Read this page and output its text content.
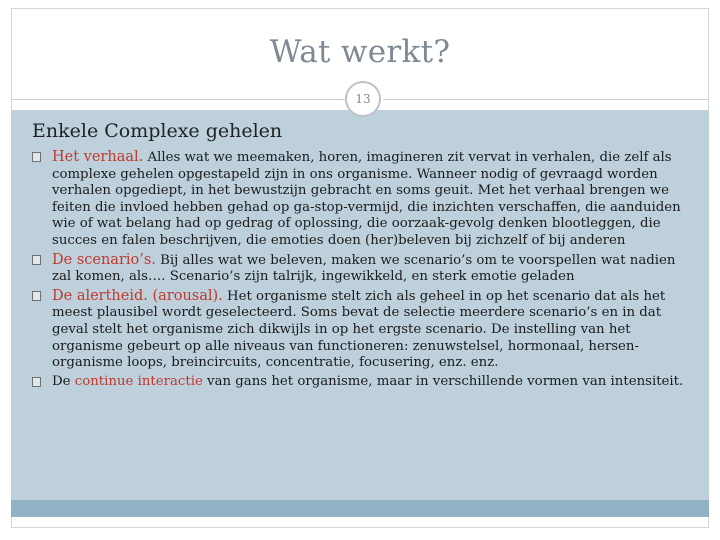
Wat werkt?
13
Enkele Complexe gehelen
Het verhaal. Alles wat we meemaken, horen, imagineren zit vervat in verhalen, die zelf als complexe gehelen opgestapeld zijn in ons organisme. Wanneer nodig of gevraagd worden verhalen opgediept, in het bewustzijn gebracht en soms geuit. Met het verhaal brengen we feiten die invloed hebben gehad op ga-stop-vermijd, die inzichten verschaffen, die aanduiden wie of wat belang had op gedrag of oplossing, die oorzaak-gevolg denken blootleggen, die succes en falen beschrijven, die emoties doen (her)beleven bij zichzelf of bij anderen
De scenario’s. Bij alles wat we beleven, maken we scenario’s om te voorspellen wat nadien zal komen, als…. Scenario’s zijn talrijk, ingewikkeld, en sterk emotie geladen
De alertheid. (arousal). Het organisme stelt zich als geheel in op het scenario dat als het meest plausibel wordt geselecteerd. Soms bevat de selectie meerdere scenario’s en in dat geval stelt het organisme zich dikwijls in op het ergste scenario. De instelling van het organisme gebeurt op alle niveaus van functioneren: zenuwstelsel, hormonaal, hersen-organisme loops, breincircuits, concentratie, focusering, enz. enz.
De continue interactie van gans het organisme, maar in verschillende vormen van intensiteit.
